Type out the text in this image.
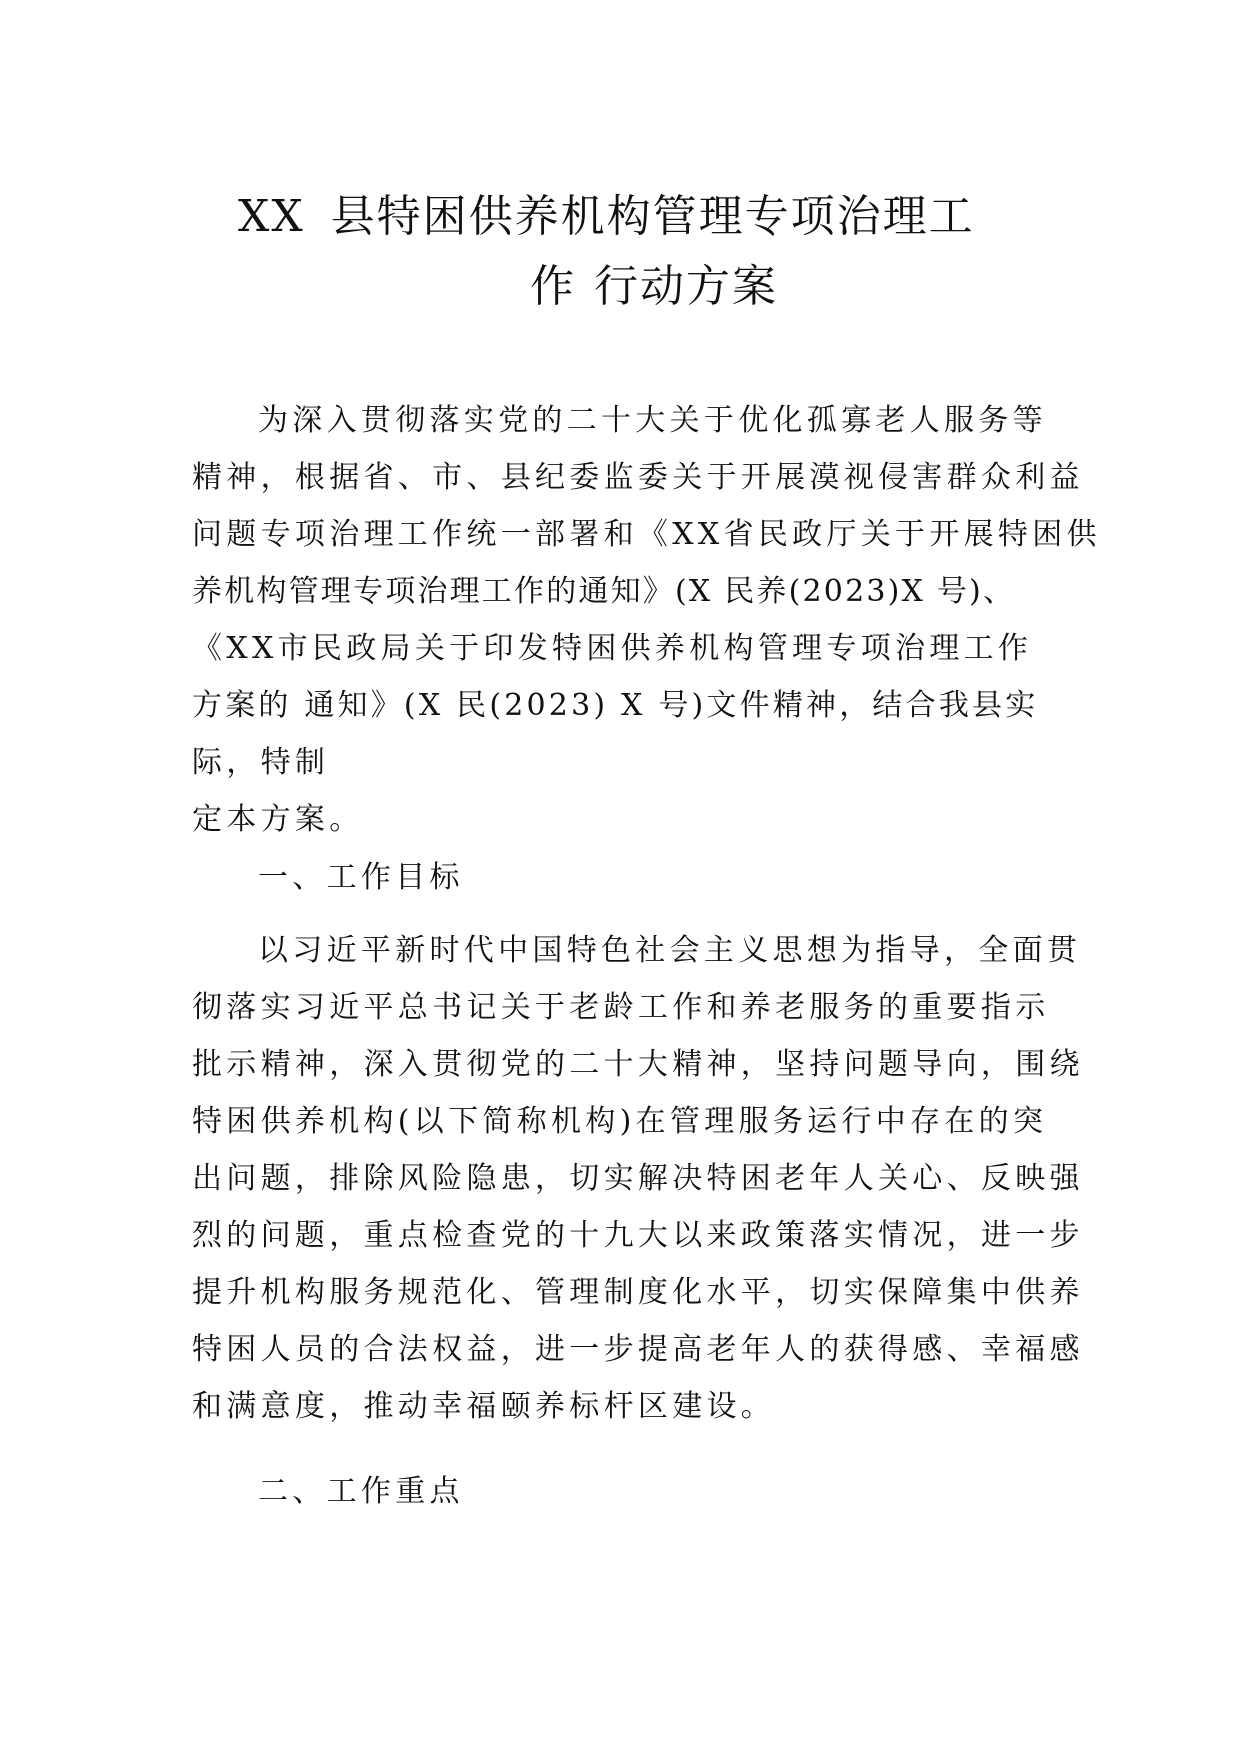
XX 县特困供养机构管理专项治理工
作 行动方案
为深入贯彻落实党的二十大关于优化孤寡老人服务等
精神，根据省、市、县纪委监委关于开展漠视侵害群众利益
问题专项治理工作统一部署和《XX省民政厅关于开展特困供
养机构管理专项治理工作的通知》(X 民养(2023)X 号)、
《XX市民政局关于印发特困供养机构管理专项治理工作
方案的 通知》(X 民(2023) X 号)文件精神，结合我县实
际，特制
定本方案。
一、工作目标
以习近平新时代中国特色社会主义思想为指导，全面贯
彻落实习近平总书记关于老龄工作和养老服务的重要指示
批示精神，深入贯彻党的二十大精神，坚持问题导向，围绕
特困供养机构(以下简称机构)在管理服务运行中存在的突
出问题，排除风险隐患，切实解决特困老年人关心、反映强
烈的问题，重点检查党的十九大以来政策落实情况，进一步
提升机构服务规范化、管理制度化水平，切实保障集中供养
特困人员的合法权益，进一步提高老年人的获得感、幸福感
和满意度，推动幸福颐养标杆区建设。
二、工作重点
